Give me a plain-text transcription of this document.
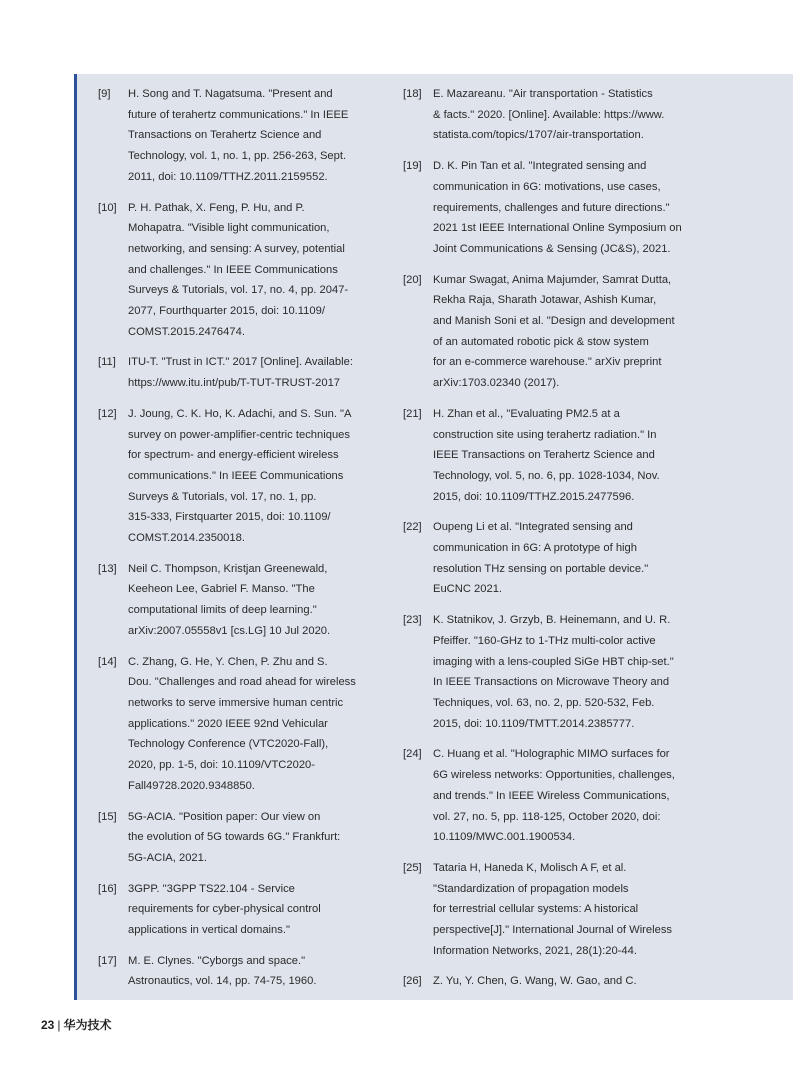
[9] H. Song and T. Nagatsuma. "Present and
future of terahertz communications." In IEEE
Transactions on Terahertz Science and
Technology, vol. 1, no. 1, pp. 256-263, Sept.
2011, doi: 10.1109/TTHZ.2011.2159552.
[10] P. H. Pathak, X. Feng, P. Hu, and P.
Mohapatra. "Visible light communication,
networking, and sensing: A survey, potential
and challenges." In IEEE Communications
Surveys & Tutorials, vol. 17, no. 4, pp. 2047-
2077, Fourthquarter 2015, doi: 10.1109/
COMST.2015.2476474.
[11] ITU-T. "Trust in ICT." 2017 [Online]. Available:
https://www.itu.int/pub/T-TUT-TRUST-2017
[12] J. Joung, C. K. Ho, K. Adachi, and S. Sun. "A
survey on power-amplifier-centric techniques
for spectrum- and energy-efficient wireless
communications." In IEEE Communications
Surveys & Tutorials, vol. 17, no. 1, pp.
315-333, Firstquarter 2015, doi: 10.1109/
COMST.2014.2350018.
[13] Neil C. Thompson, Kristjan Greenewald,
Keeheon Lee, Gabriel F. Manso. "The
computational limits of deep learning."
arXiv:2007.05558v1 [cs.LG] 10 Jul 2020.
[14] C. Zhang, G. He, Y. Chen, P. Zhu and S.
Dou. "Challenges and road ahead for wireless
networks to serve immersive human centric
applications." 2020 IEEE 92nd Vehicular
Technology Conference (VTC2020-Fall),
2020, pp. 1-5, doi: 10.1109/VTC2020-
Fall49728.2020.9348850.
[15] 5G-ACIA. "Position paper: Our view on
the evolution of 5G towards 6G." Frankfurt:
5G-ACIA, 2021.
[16] 3GPP. "3GPP TS22.104 - Service
requirements for cyber-physical control
applications in vertical domains."
[17] M. E. Clynes. "Cyborgs and space."
Astronautics, vol. 14, pp. 74-75, 1960.
[18] E. Mazareanu. "Air transportation - Statistics
& facts." 2020. [Online]. Available: https://www.
statista.com/topics/1707/air-transportation.
[19] D. K. Pin Tan et al. "Integrated sensing and
communication in 6G: motivations, use cases,
requirements, challenges and future directions."
2021 1st IEEE International Online Symposium on
Joint Communications & Sensing (JC&S), 2021.
[20] Kumar Swagat, Anima Majumder, Samrat Dutta,
Rekha Raja, Sharath Jotawar, Ashish Kumar,
and Manish Soni et al. "Design and development
of an automated robotic pick & stow system
for an e-commerce warehouse." arXiv preprint
arXiv:1703.02340 (2017).
[21] H. Zhan et al., "Evaluating PM2.5 at a
construction site using terahertz radiation." In
IEEE Transactions on Terahertz Science and
Technology, vol. 5, no. 6, pp. 1028-1034, Nov.
2015, doi: 10.1109/TTHZ.2015.2477596.
[22] Oupeng Li et al. "Integrated sensing and
communication in 6G: A prototype of high
resolution THz sensing on portable device."
EuCNC 2021.
[23] K. Statnikov, J. Grzyb, B. Heinemann, and U. R.
Pfeiffer. "160-GHz to 1-THz multi-color active
imaging with a lens-coupled SiGe HBT chip-set."
In IEEE Transactions on Microwave Theory and
Techniques, vol. 63, no. 2, pp. 520-532, Feb.
2015, doi: 10.1109/TMTT.2014.2385777.
[24] C. Huang et al. "Holographic MIMO surfaces for
6G wireless networks: Opportunities, challenges,
and trends." In IEEE Wireless Communications,
vol. 27, no. 5, pp. 118-125, October 2020, doi:
10.1109/MWC.001.1900534.
[25] Tataria H, Haneda K, Molisch A F, et al.
"Standardization of propagation models
for terrestrial cellular systems: A historical
perspective[J]." International Journal of Wireless
Information Networks, 2021, 28(1):20-44.
[26] Z. Yu, Y. Chen, G. Wang, W. Gao, and C.
23 | 华为技术
